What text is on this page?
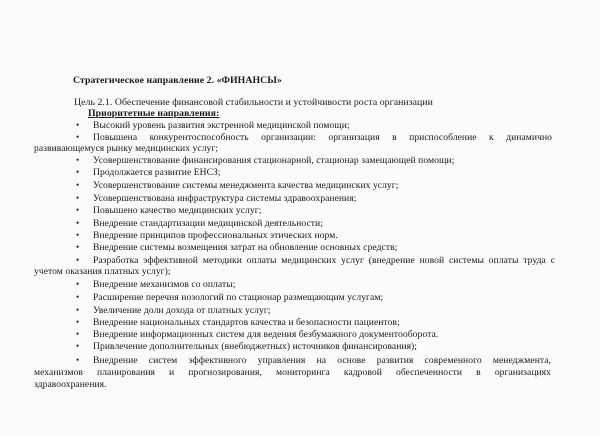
Стратегическое направление 2. «ФИНАНСЫ»
Цель 2.1. Обеспечение финансовой стабильности и устойчивости роста организации
Приоритетные направления:
• Высокий уровень развития экстренной медицинской помощи;
• Повышена конкурентоспособность организации: организация в приспособление к динамично
развивающемуся рынку медицинских услуг;
• Усовершенствование финансирования стационарной, стационар замещающей помощи;
• Продолжается развитие ЕНСЗ;
• Усовершенствование системы менеджмента качества медицинских услуг;
• Усовершенствована инфраструктура системы здравоохранения;
• Повышено качество медицинских услуг;
• Внедрение стандартизации медицинской деятельности;
• Внедрение принципов профессиональных этических норм.
• Внедрение системы возмещения затрат на обновление основных средств;
• Разработка эффективной методики оплаты медицинских услуг (внедрение новой системы оплаты труда с
учетом оказания платных услуг);
• Внедрение механизмов со оплаты;
• Расширение перечня нозологий по стационар размещающим услугам;
• Увеличение доли дохода от платных услуг;
• Внедрение национальных стандартов качества и безопасности пациентов;
• Внедрение информационных систем для ведения безбумажного документооборота.
• Привлечение дополнительных (внебюджетных) источников финансирования);
• Внедрение систем эффективного управления на основе развития современного менеджмента,
механизмов планирования и прогнозирования, мониторинга кадровой обеспеченности в организациях
здравоохранения.
